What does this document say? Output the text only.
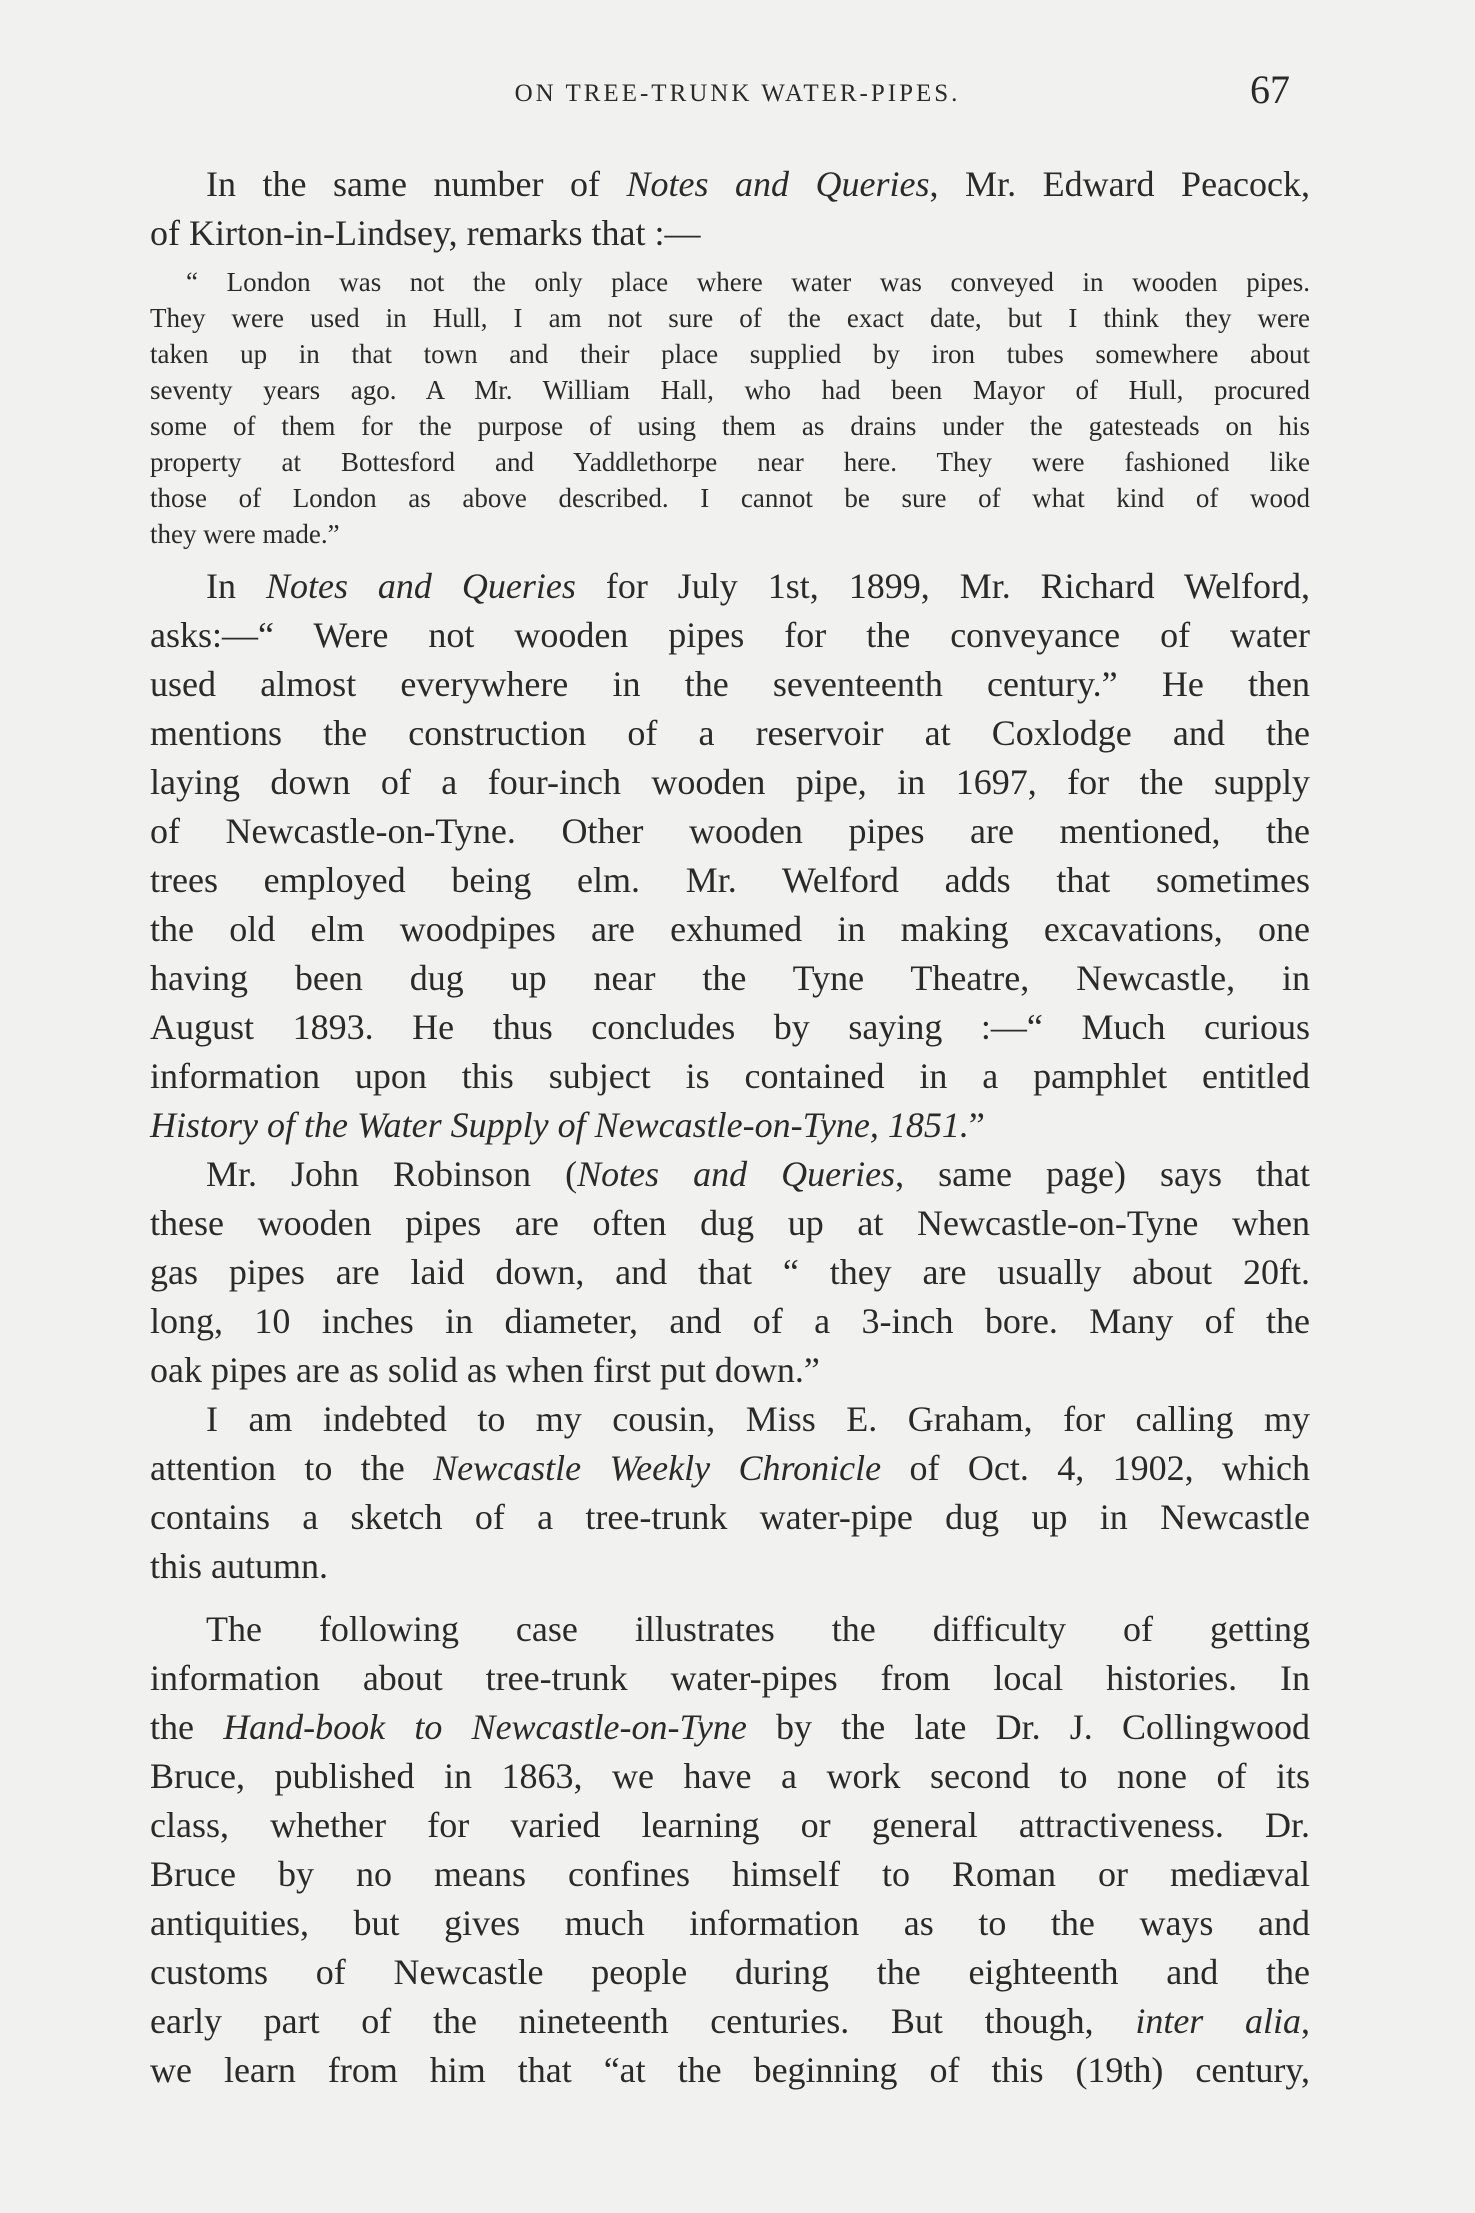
ON TREE-TRUNK WATER-PIPES.	67
In the same number of Notes and Queries, Mr. Edward Peacock,
of Kirton-in-Lindsey, remarks that :—
“ London was not the only place where water was conveyed in wooden pipes.
They were used in Hull, I am not sure of the exact date, but I think they were
taken up in that town and their place supplied by iron tubes somewhere about
seventy years ago. A Mr. William Hall, who had been Mayor of Hull, procured
some of them for the purpose of using them as drains under the gatesteads on his
property at Bottesford and Yaddlethorpe near here. They were fashioned like
those of London as above described. I cannot be sure of what kind of wood
they were made.”
In Notes and Queries for July 1st, 1899, Mr. Richard Welford,
asks:—“ Were not wooden pipes for the conveyance of water
used almost everywhere in the seventeenth century.” He then
mentions the construction of a reservoir at Coxlodge and the
laying down of a four-inch wooden pipe, in 1697, for the supply
of Newcastle-on-Tyne. Other wooden pipes are mentioned, the
trees employed being elm. Mr. Welford adds that sometimes
the old elm woodpipes are exhumed in making excavations, one
having been dug up near the Tyne Theatre, Newcastle, in
August 1893. He thus concludes by saying :—“ Much curious
information upon this subject is contained in a pamphlet entitled
History of the Water Supply of Newcastle-on-Tyne, 1851.”
Mr. John Robinson (Notes and Queries, same page) says that
these wooden pipes are often dug up at Newcastle-on-Tyne when
gas pipes are laid down, and that “ they are usually about 20ft.
long, 10 inches in diameter, and of a 3-inch bore. Many of the
oak pipes are as solid as when first put down.”
I am indebted to my cousin, Miss E. Graham, for calling my
attention to the Newcastle Weekly Chronicle of Oct. 4, 1902, which
contains a sketch of a tree-trunk water-pipe dug up in Newcastle
this autumn.
The following case illustrates the difficulty of getting
information about tree-trunk water-pipes from local histories. In
the Hand-book to Newcastle-on-Tyne by the late Dr. J. Collingwood
Bruce, published in 1863, we have a work second to none of its
class, whether for varied learning or general attractiveness. Dr.
Bruce by no means confines himself to Roman or mediæval
antiquities, but gives much information as to the ways and
customs of Newcastle people during the eighteenth and the
early part of the nineteenth centuries. But though, inter alia,
we learn from him that “at the beginning of this (19th) century,
